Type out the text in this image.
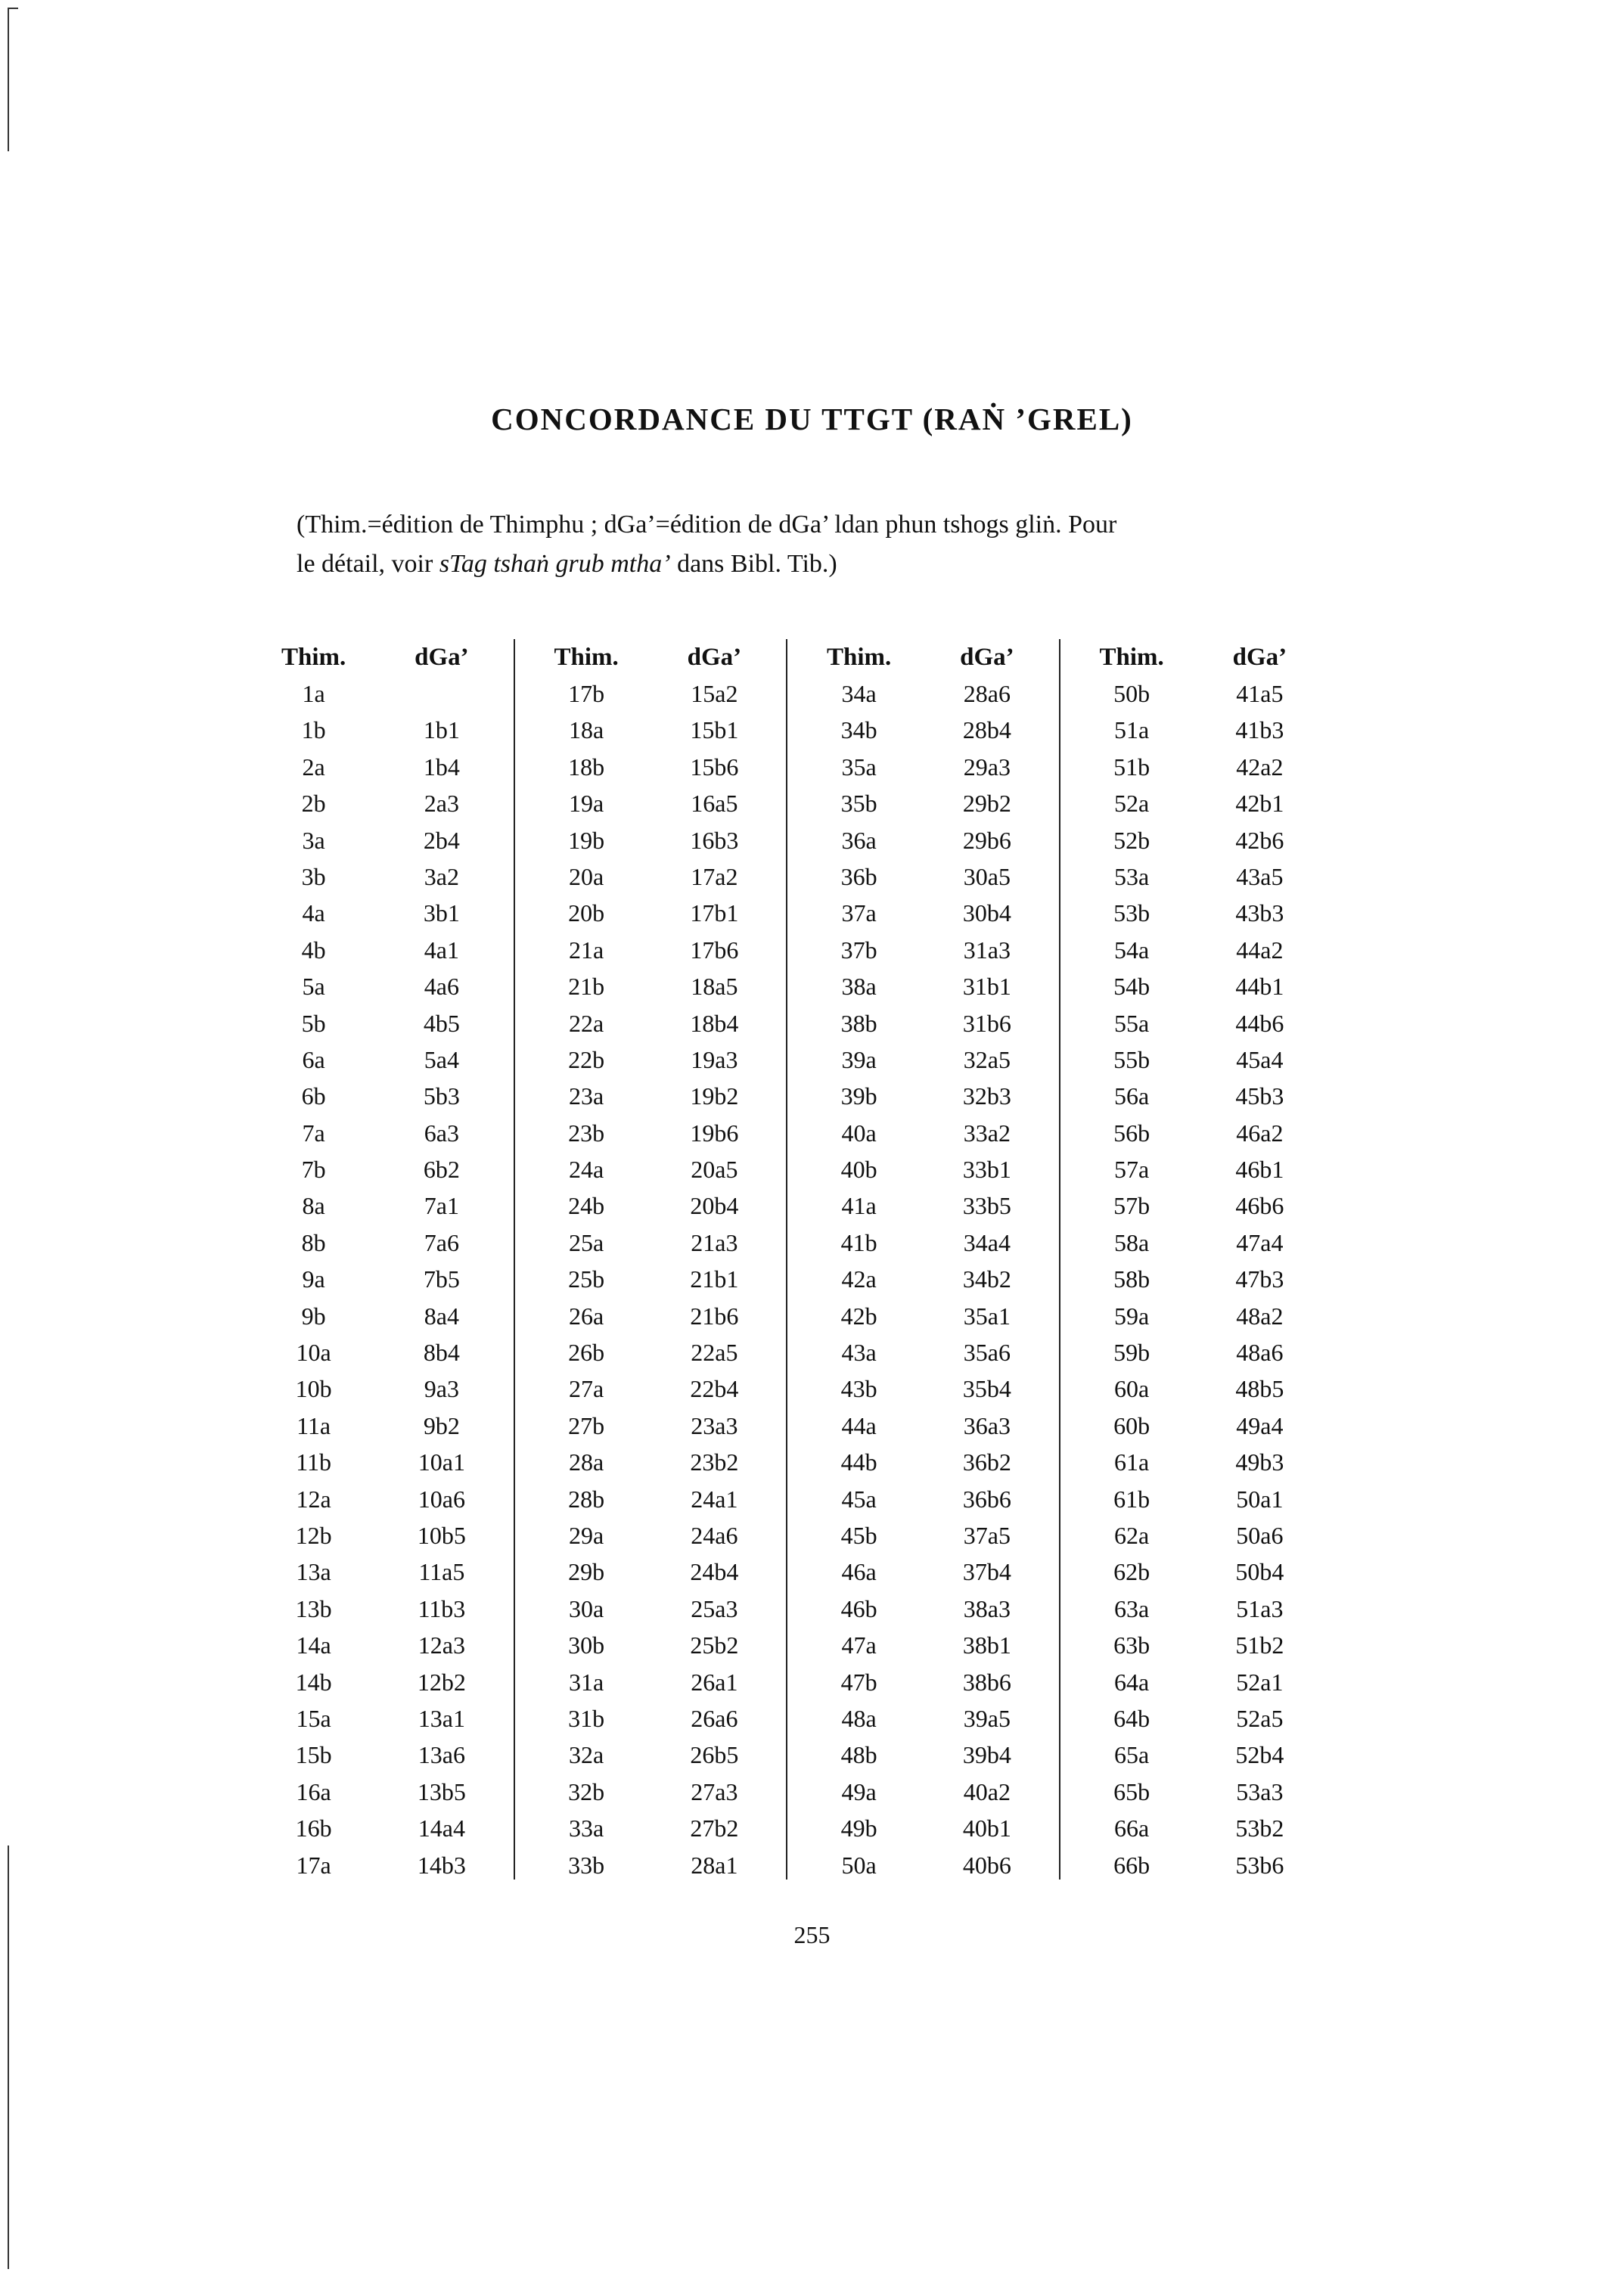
CONCORDANCE DU TTGT (RAṄ ’GREL)

(Thim.=édition de Thimphu ; dGa’=édition de dGa’ ldan phun tshogs gliṅ. Pour

le détail, voir sTag tshaṅ grub mtha’ dans Bibl. Tib.)

Thim.	dGa’
1a
1b	1b1
2a	1b4
2b	2a3
3a	2b4
3b	3a2
4a	3b1
4b	4a1
5a	4a6
5b	4b5
6a	5a4
6b	5b3
7a	6a3
7b	6b2
8a	7a1
8b	7a6
9a	7b5
9b	8a4
10a	8b4
10b	9a3
11a	9b2
11b	10a1
12a	10a6
12b	10b5
13a	11a5
13b	11b3
14a	12a3
14b	12b2
15a	13a1
15b	13a6
16a	13b5
16b	14a4
17a	14b3
Thim.	dGa’
17b	15a2
18a	15b1
18b	15b6
19a	16a5
19b	16b3
20a	17a2
20b	17b1
21a	17b6
21b	18a5
22a	18b4
22b	19a3
23a	19b2
23b	19b6
24a	20a5
24b	20b4
25a	21a3
25b	21b1
26a	21b6
26b	22a5
27a	22b4
27b	23a3
28a	23b2
28b	24a1
29a	24a6
29b	24b4
30a	25a3
30b	25b2
31a	26a1
31b	26a6
32a	26b5
32b	27a3
33a	27b2
33b	28a1
Thim.	dGa’
34a	28a6
34b	28b4
35a	29a3
35b	29b2
36a	29b6
36b	30a5
37a	30b4
37b	31a3
38a	31b1
38b	31b6
39a	32a5
39b	32b3
40a	33a2
40b	33b1
41a	33b5
41b	34a4
42a	34b2
42b	35a1
43a	35a6
43b	35b4
44a	36a3
44b	36b2
45a	36b6
45b	37a5
46a	37b4
46b	38a3
47a	38b1
47b	38b6
48a	39a5
48b	39b4
49a	40a2
49b	40b1
50a	40b6
Thim.	dGa’
50b	41a5
51a	41b3
51b	42a2
52a	42b1
52b	42b6
53a	43a5
53b	43b3
54a	44a2
54b	44b1
55a	44b6
55b	45a4
56a	45b3
56b	46a2
57a	46b1
57b	46b6
58a	47a4
58b	47b3
59a	48a2
59b	48a6
60a	48b5
60b	49a4
61a	49b3
61b	50a1
62a	50a6
62b	50b4
63a	51a3
63b	51b2
64a	52a1
64b	52a5
65a	52b4
65b	53a3
66a	53b2
66b	53b6
255
